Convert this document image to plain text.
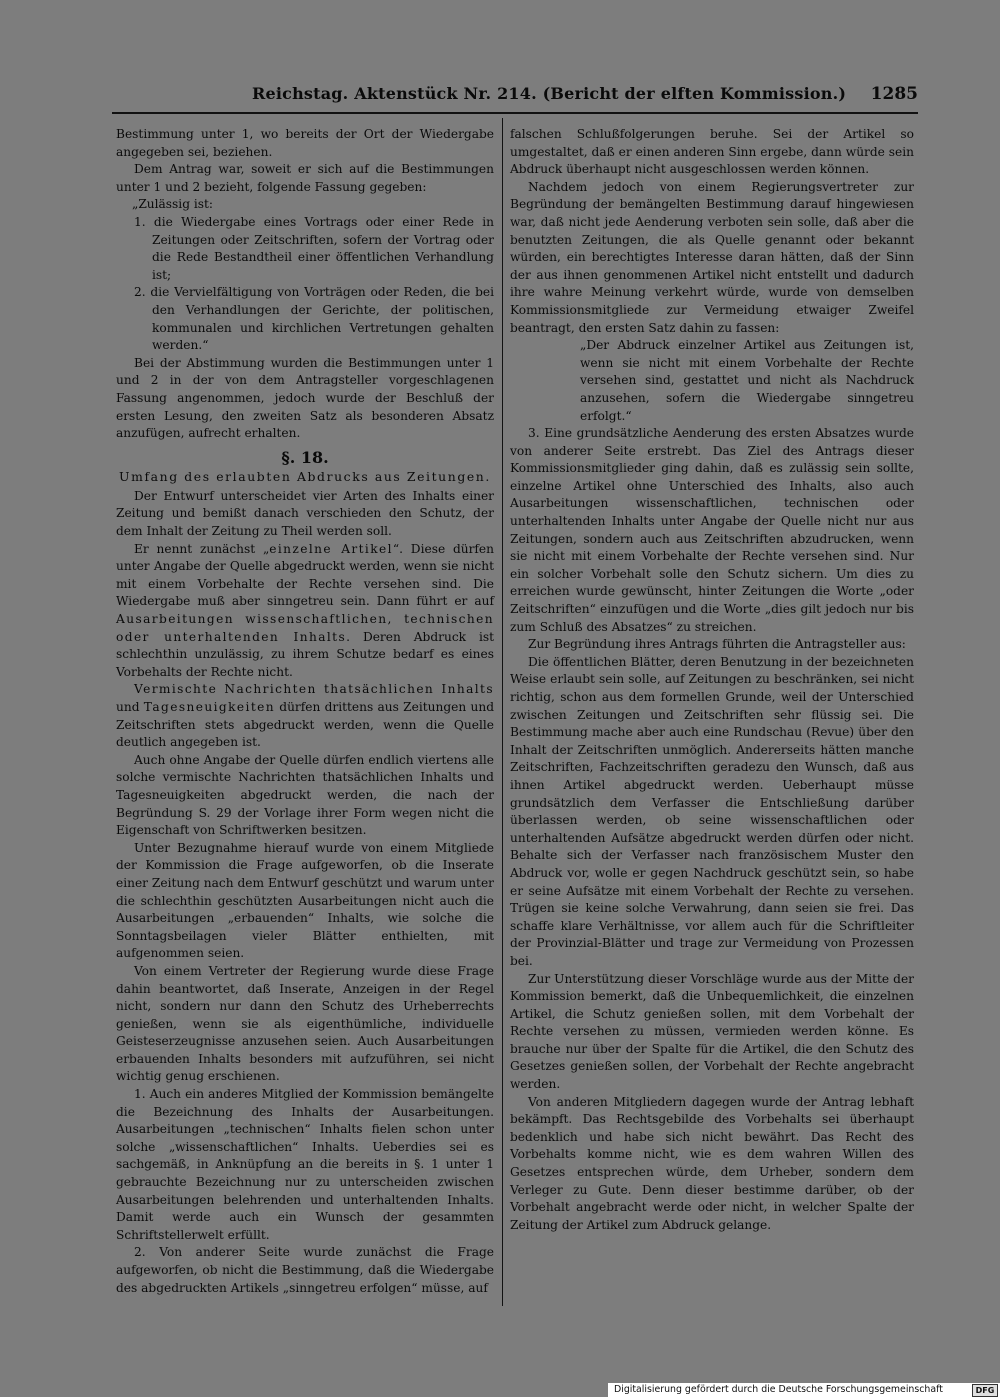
Reichstag. Aktenstück Nr. 214. (Bericht der elften Kommission.) 1285

Bestimmung unter 1, wo bereits der Ort der Wiedergabe angegeben sei, beziehen.

Dem Antrag war, soweit er sich auf die Bestimmungen unter 1 und 2 bezieht, folgende Fassung gegeben:

„Zulässig ist:

1. die Wiedergabe eines Vortrags oder einer Rede in Zeitungen oder Zeitschriften, sofern der Vortrag oder die Rede Bestandtheil einer öffentlichen Verhandlung ist;
2. die Vervielfältigung von Vorträgen oder Reden, die bei den Verhandlungen der Gerichte, der politischen, kommunalen und kirchlichen Vertretungen gehalten werden.“

Bei der Abstimmung wurden die Bestimmungen unter 1 und 2 in der von dem Antragsteller vorgeschlagenen Fassung angenommen, jedoch wurde der Beschluß der ersten Lesung, den zweiten Satz als besonderen Absatz anzufügen, aufrecht erhalten.

§. 18.
Umfang des erlaubten Abdrucks aus Zeitungen.

Der Entwurf unterscheidet vier Arten des Inhalts einer Zeitung und bemißt danach verschieden den Schutz, der dem Inhalt der Zeitung zu Theil werden soll.

Er nennt zunächst „einzelne Artikel“. Diese dürfen unter Angabe der Quelle abgedruckt werden, wenn sie nicht mit einem Vorbehalte der Rechte versehen sind. Die Wiedergabe muß aber sinngetreu sein. Dann führt er auf Ausarbeitungen wissenschaftlichen, technischen oder unterhaltenden Inhalts. Deren Abdruck ist schlechthin unzulässig, zu ihrem Schutze bedarf es eines Vorbehalts der Rechte nicht.

Vermischte Nachrichten thatsächlichen Inhalts und Tagesneuigkeiten dürfen drittens aus Zeitungen und Zeitschriften stets abgedruckt werden, wenn die Quelle deutlich angegeben ist.

Auch ohne Angabe der Quelle dürfen endlich viertens alle solche vermischte Nachrichten thatsächlichen Inhalts und Tagesneuigkeiten abgedruckt werden, die nach der Begründung S. 29 der Vorlage ihrer Form wegen nicht die Eigenschaft von Schriftwerken besitzen.

Unter Bezugnahme hierauf wurde von einem Mitgliede der Kommission die Frage aufgeworfen, ob die Inserate einer Zeitung nach dem Entwurf geschützt und warum unter die schlechthin geschützten Ausarbeitungen nicht auch die Ausarbeitungen „erbauenden“ Inhalts, wie solche die Sonntagsbeilagen vieler Blätter enthielten, mit aufgenommen seien.

Von einem Vertreter der Regierung wurde diese Frage dahin beantwortet, daß Inserate, Anzeigen in der Regel nicht, sondern nur dann den Schutz des Urheberrechts genießen, wenn sie als eigenthümliche, individuelle Geisteserzeugnisse anzusehen seien. Auch Ausarbeitungen erbauenden Inhalts besonders mit aufzuführen, sei nicht wichtig genug erschienen.

1. Auch ein anderes Mitglied der Kommission bemängelte die Bezeichnung des Inhalts der Ausarbeitungen. Ausarbeitungen „technischen“ Inhalts fielen schon unter solche „wissenschaftlichen“ Inhalts. Ueberdies sei es sachgemäß, in Anknüpfung an die bereits in §. 1 unter 1 gebrauchte Bezeichnung nur zu unterscheiden zwischen Ausarbeitungen belehrenden und unterhaltenden Inhalts. Damit werde auch ein Wunsch der gesammten Schriftstellerwelt erfüllt.

2. Von anderer Seite wurde zunächst die Frage aufgeworfen, ob nicht die Bestimmung, daß die Wiedergabe des abgedruckten Artikels „sinngetreu erfolgen“ müsse, auf

falschen Schlußfolgerungen beruhe. Sei der Artikel so umgestaltet, daß er einen anderen Sinn ergebe, dann würde sein Abdruck überhaupt nicht ausgeschlossen werden können.

Nachdem jedoch von einem Regierungsvertreter zur Begründung der bemängelten Bestimmung darauf hingewiesen war, daß nicht jede Aenderung verboten sein solle, daß aber die benutzten Zeitungen, die als Quelle genannt oder bekannt würden, ein berechtigtes Interesse daran hätten, daß der Sinn der aus ihnen genommenen Artikel nicht entstellt und dadurch ihre wahre Meinung verkehrt würde, wurde von demselben Kommissionsmitgliede zur Vermeidung etwaiger Zweifel beantragt, den ersten Satz dahin zu fassen:

„Der Abdruck einzelner Artikel aus Zeitungen ist, wenn sie nicht mit einem Vorbehalte der Rechte versehen sind, gestattet und nicht als Nachdruck anzusehen, sofern die Wiedergabe sinngetreu erfolgt.“

3. Eine grundsätzliche Aenderung des ersten Absatzes wurde von anderer Seite erstrebt. Das Ziel des Antrags dieser Kommissionsmitglieder ging dahin, daß es zulässig sein sollte, einzelne Artikel ohne Unterschied des Inhalts, also auch Ausarbeitungen wissenschaftlichen, technischen oder unterhaltenden Inhalts unter Angabe der Quelle nicht nur aus Zeitungen, sondern auch aus Zeitschriften abzudrucken, wenn sie nicht mit einem Vorbehalte der Rechte versehen sind. Nur ein solcher Vorbehalt solle den Schutz sichern. Um dies zu erreichen wurde gewünscht, hinter Zeitungen die Worte „oder Zeitschriften“ einzufügen und die Worte „dies gilt jedoch nur bis zum Schluß des Absatzes“ zu streichen.

Zur Begründung ihres Antrags führten die Antragsteller aus:

Die öffentlichen Blätter, deren Benutzung in der bezeichneten Weise erlaubt sein solle, auf Zeitungen zu beschränken, sei nicht richtig, schon aus dem formellen Grunde, weil der Unterschied zwischen Zeitungen und Zeitschriften sehr flüssig sei. Die Bestimmung mache aber auch eine Rundschau (Revue) über den Inhalt der Zeitschriften unmöglich. Andererseits hätten manche Zeitschriften, Fachzeitschriften geradezu den Wunsch, daß aus ihnen Artikel abgedruckt werden. Ueberhaupt müsse grundsätzlich dem Verfasser die Entschließung darüber überlassen werden, ob seine wissenschaftlichen oder unterhaltenden Aufsätze abgedruckt werden dürfen oder nicht. Behalte sich der Verfasser nach französischem Muster den Abdruck vor, wolle er gegen Nachdruck geschützt sein, so habe er seine Aufsätze mit einem Vorbehalt der Rechte zu versehen. Trügen sie keine solche Verwahrung, dann seien sie frei. Das schaffe klare Verhältnisse, vor allem auch für die Schriftleiter der Provinzial-Blätter und trage zur Vermeidung von Prozessen bei.

Zur Unterstützung dieser Vorschläge wurde aus der Mitte der Kommission bemerkt, daß die Unbequemlichkeit, die einzelnen Artikel, die Schutz genießen sollen, mit dem Vorbehalt der Rechte versehen zu müssen, vermieden werden könne. Es brauche nur über der Spalte für die Artikel, die den Schutz des Gesetzes genießen sollen, der Vorbehalt der Rechte angebracht werden.

Von anderen Mitgliedern dagegen wurde der Antrag lebhaft bekämpft. Das Rechtsgebilde des Vorbehalts sei überhaupt bedenklich und habe sich nicht bewährt. Das Recht des Vorbehalts komme nicht, wie es dem wahren Willen des Gesetzes entsprechen würde, dem Urheber, sondern dem Verleger zu Gute. Denn dieser bestimme darüber, ob der Vorbehalt angebracht werde oder nicht, in welcher Spalte der Zeitung der Artikel zum Abdruck gelange.

Digitalisierung gefördert durch die Deutsche Forschungsgemeinschaft	DFG
